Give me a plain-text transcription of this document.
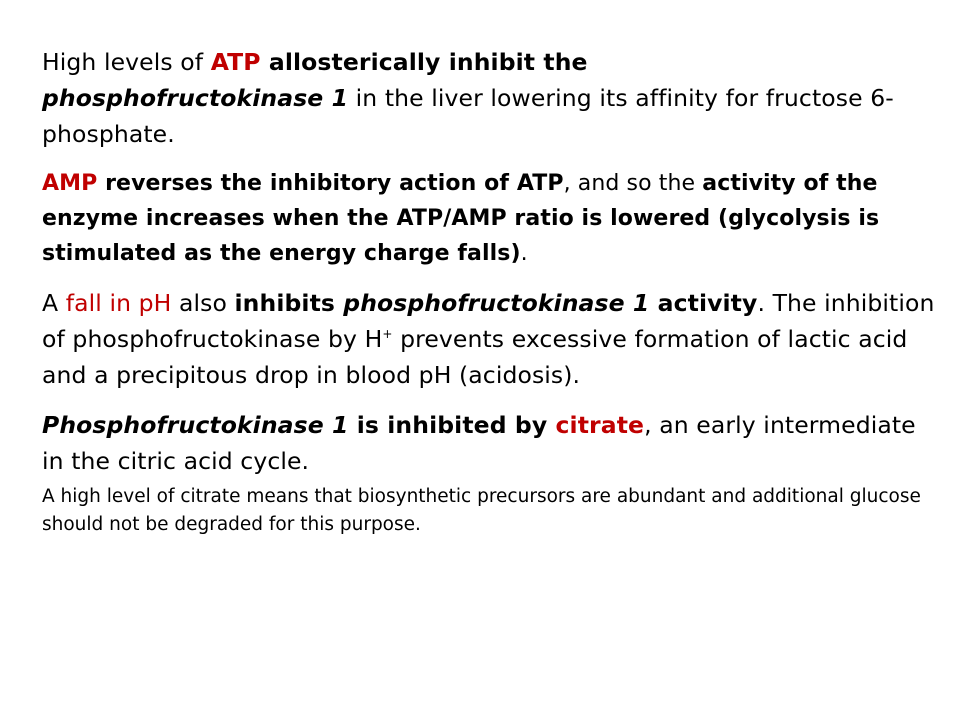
High levels of ATP allosterically inhibit the
phosphofructokinase 1 in the liver lowering its affinity for fructose 6-phosphate.

AMP reverses the inhibitory action of ATP, and so the activity of the enzyme increases when the ATP/AMP ratio is lowered (glycolysis is stimulated as the energy charge falls).

A fall in pH also inhibits phosphofructokinase 1 activity. The inhibition of phosphofructokinase by H+ prevents excessive formation of lactic acid and a precipitous drop in blood pH (acidosis).

Phosphofructokinase 1 is inhibited by citrate, an early intermediate in the citric acid cycle.

A high level of citrate means that biosynthetic precursors are abundant and additional glucose should not be degraded for this purpose.
